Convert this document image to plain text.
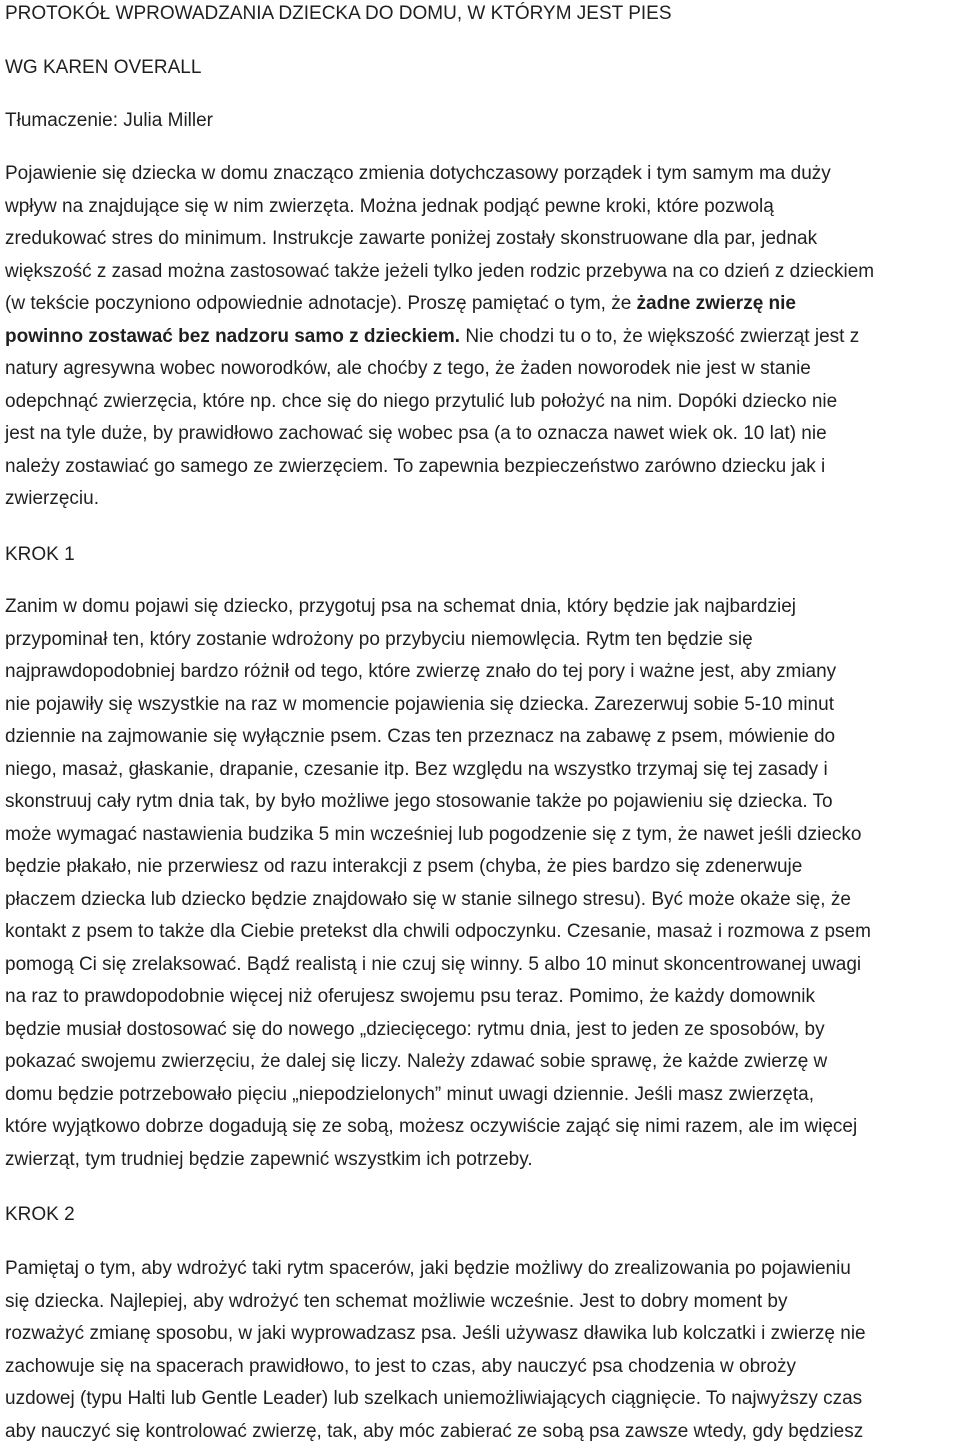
PROTOKÓŁ WPROWADZANIA DZIECKA DO DOMU, W KTÓRYM JEST PIES
WG KAREN OVERALL
Tłumaczenie: Julia Miller
Pojawienie się dziecka w domu znacząco zmienia dotychczasowy porządek i tym samym ma duży
wpływ na znajdujące się w nim zwierzęta. Można jednak podjąć pewne kroki, które pozwolą
zredukować stres do minimum. Instrukcje zawarte poniżej zostały skonstruowane dla par, jednak
większość z zasad można zastosować także jeżeli tylko jeden rodzic przebywa na co dzień z dzieckiem
(w tekście poczyniono odpowiednie adnotacje). Proszę pamiętać o tym, że żadne zwierzę nie
powinno zostawać bez nadzoru samo z dzieckiem. Nie chodzi tu o to, że większość zwierząt jest z
natury agresywna wobec noworodków, ale choćby z tego, że żaden noworodek nie jest w stanie
odepchnąć zwierzęcia, które np. chce się do niego przytulić lub położyć na nim. Dopóki dziecko nie
jest na tyle duże, by prawidłowo zachować się wobec psa (a to oznacza nawet wiek ok. 10 lat) nie
należy zostawiać go samego ze zwierzęciem. To zapewnia bezpieczeństwo zarówno dziecku jak i
zwierzęciu.
KROK 1
Zanim w domu pojawi się dziecko, przygotuj psa na schemat dnia, który będzie jak najbardziej
przypominał ten, który zostanie wdrożony po przybyciu niemowlęcia. Rytm ten będzie się
najprawdopodobniej bardzo różnił od tego, które zwierzę znało do tej pory i ważne jest, aby zmiany
nie pojawiły się wszystkie na raz w momencie pojawienia się dziecka. Zarezerwuj sobie 5-10 minut
dziennie na zajmowanie się wyłącznie psem. Czas ten przeznacz na zabawę z psem, mówienie do
niego, masaż, głaskanie, drapanie, czesanie itp. Bez względu na wszystko trzymaj się tej zasady i
skonstruuj cały rytm dnia tak, by było możliwe jego stosowanie także po pojawieniu się dziecka. To
może wymagać nastawienia budzika 5 min wcześniej lub pogodzenie się z tym, że nawet jeśli dziecko
będzie płakało, nie przerwiesz od razu interakcji z psem (chyba, że pies bardzo się zdenerwuje
płaczem dziecka lub dziecko będzie znajdowało się w stanie silnego stresu). Być może okaże się, że
kontakt z psem to także dla Ciebie pretekst dla chwili odpoczynku. Czesanie, masaż i rozmowa z psem
pomogą Ci się zrelaksować. Bądź realistą i nie czuj się winny. 5 albo 10 minut skoncentrowanej uwagi
na raz to prawdopodobnie więcej niż oferujesz swojemu psu teraz. Pomimo, że każdy domownik
będzie musiał dostosować się do nowego „dziecięcego: rytmu dnia, jest to jeden ze sposobów, by
pokazać swojemu zwierzęciu, że dalej się liczy. Należy zdawać sobie sprawę, że każde zwierzę w
domu będzie potrzebowało pięciu „niepodzielonych” minut uwagi dziennie. Jeśli masz zwierzęta,
które wyjątkowo dobrze dogadują się ze sobą, możesz oczywiście zająć się nimi razem, ale im więcej
zwierząt, tym trudniej będzie zapewnić wszystkim ich potrzeby.
KROK 2
Pamiętaj o tym, aby wdrożyć taki rytm spacerów, jaki będzie możliwy do zrealizowania po pojawieniu
się dziecka. Najlepiej, aby wdrożyć ten schemat możliwie wcześnie. Jest to dobry moment by
rozważyć zmianę sposobu, w jaki wyprowadzasz psa. Jeśli używasz dławika lub kolczatki i zwierzę nie
zachowuje się na spacerach prawidłowo, to jest to czas, aby nauczyć psa chodzenia w obroży
uzdowej (typu Halti lub Gentle Leader) lub szelkach uniemożliwiających ciągnięcie. To najwyższy czas
aby nauczyć się kontrolować zwierzę, tak, aby móc zabierać ze sobą psa zawsze wtedy, gdy będziesz
